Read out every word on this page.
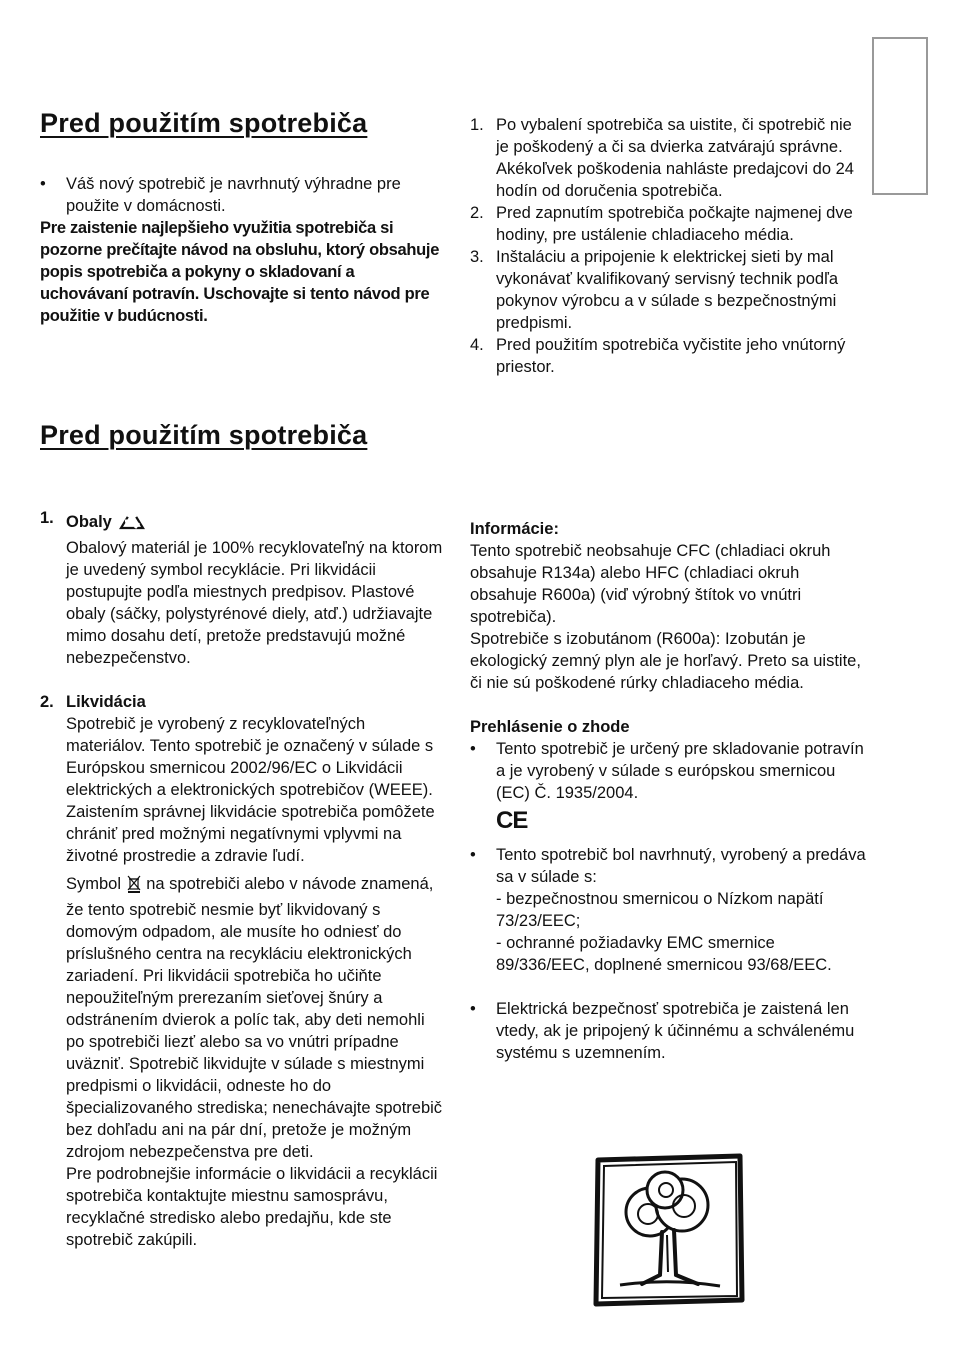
Pred použitím spotrebiča

• Váš nový spotrebič je navrhnutý výhradne pre použite v domácnosti.

Pre zaistenie najlepšieho využitia spotrebiča si pozorne prečítajte návod na obsluhu, ktorý obsahuje popis spotrebiča a pokyny o skladovaní a uchovávaní potravín. Uschovajte si tento návod pre použitie v budúcnosti.

1. Po vybalení spotrebiča sa uistite, či spotrebič nie je poškodený a či sa dvierka zatvárajú správne. Akékoľvek poškodenia nahláste predajcovi do 24 hodín od doručenia spotrebiča.
2. Pred zapnutím spotrebiča počkajte najmenej dve hodiny, pre ustálenie chladiaceho média.
3. Inštaláciu a pripojenie k elektrickej sieti by mal vykonávať kvalifikovaný servisný technik podľa pokynov výrobcu a v súlade s bezpečnostnými predpismi.
4. Pred použitím spotrebiča vyčistite jeho vnútorný priestor.
Pred použitím spotrebiča
1. Obaly

Obalový materiál je 100% recyklovateľný na ktorom je uvedený symbol recyklácie. Pri likvidácii postupujte podľa miestnych predpisov. Plastové obaly (sáčky, polystyrénové diely, atď.) udržiavajte mimo dosahu detí, pretože predstavujú možné nebezpečenstvo.

2. Likvidácia

Spotrebič je vyrobený z recyklovateľných materiálov. Tento spotrebič je označený v súlade s Európskou smernicou 2002/96/EC o Likvidácii elektrických a elektronických spotrebičov (WEEE). Zaistením správnej likvidácie spotrebiča pomôžete chrániť pred možnými negatívnymi vplyvmi na životné prostredie a zdravie ľudí.

Symbol na spotrebiči alebo v návode znamená, že tento spotrebič nesmie byť likvidovaný s domovým odpadom, ale musíte ho odniesť do príslušného centra na recykláciu elektronických zariadení. Pri likvidácii spotrebiča ho učiňte nepoužiteľným prerezaním sieťovej šnúry a odstránením dvierok a políc tak, aby deti nemohli po spotrebiči liezť alebo sa vo vnútri prípadne uväzniť. Spotrebič likvidujte v súlade s miestnymi predpismi o likvidácii, odneste ho do špecializovaného strediska; nenechávajte spotrebič bez dohľadu ani na pár dní, pretože je možným zdrojom nebezpečenstva pre deti.

Pre podrobnejšie informácie o likvidácii a recyklácii spotrebiča kontaktujte miestnu samosprávu, recyklačné stredisko alebo predajňu, kde ste spotrebič zakúpili.

Informácie:

Tento spotrebič neobsahuje CFC (chladiaci okruh obsahuje R134a) alebo HFC (chladiaci okruh obsahuje R600a) (viď výrobný štítok vo vnútri spotrebiča).

Spotrebiče s izobutánom (R600a): Izobután je ekologický zemný plyn ale je horľavý. Preto sa uistite, či nie sú poškodené rúrky chladiaceho média.

Prehlásenie o zhode

• Tento spotrebič je určený pre skladovanie potravín a je vyrobený v súlade s európskou smernicou (EC) Č. 1935/2004.

CE
• Tento spotrebič bol navrhnutý, vyrobený a predáva sa v súlade s:
- bezpečnostnou smernicou o Nízkom napätí 73/23/EEC;
- ochranné požiadavky EMC smernice 89/336/EEC, doplnené smernicou 93/68/EEC.

• Elektrická bezpečnosť spotrebiča je zaistená len vtedy, ak je pripojený k účinnému a schválenému systému s uzemnením.
